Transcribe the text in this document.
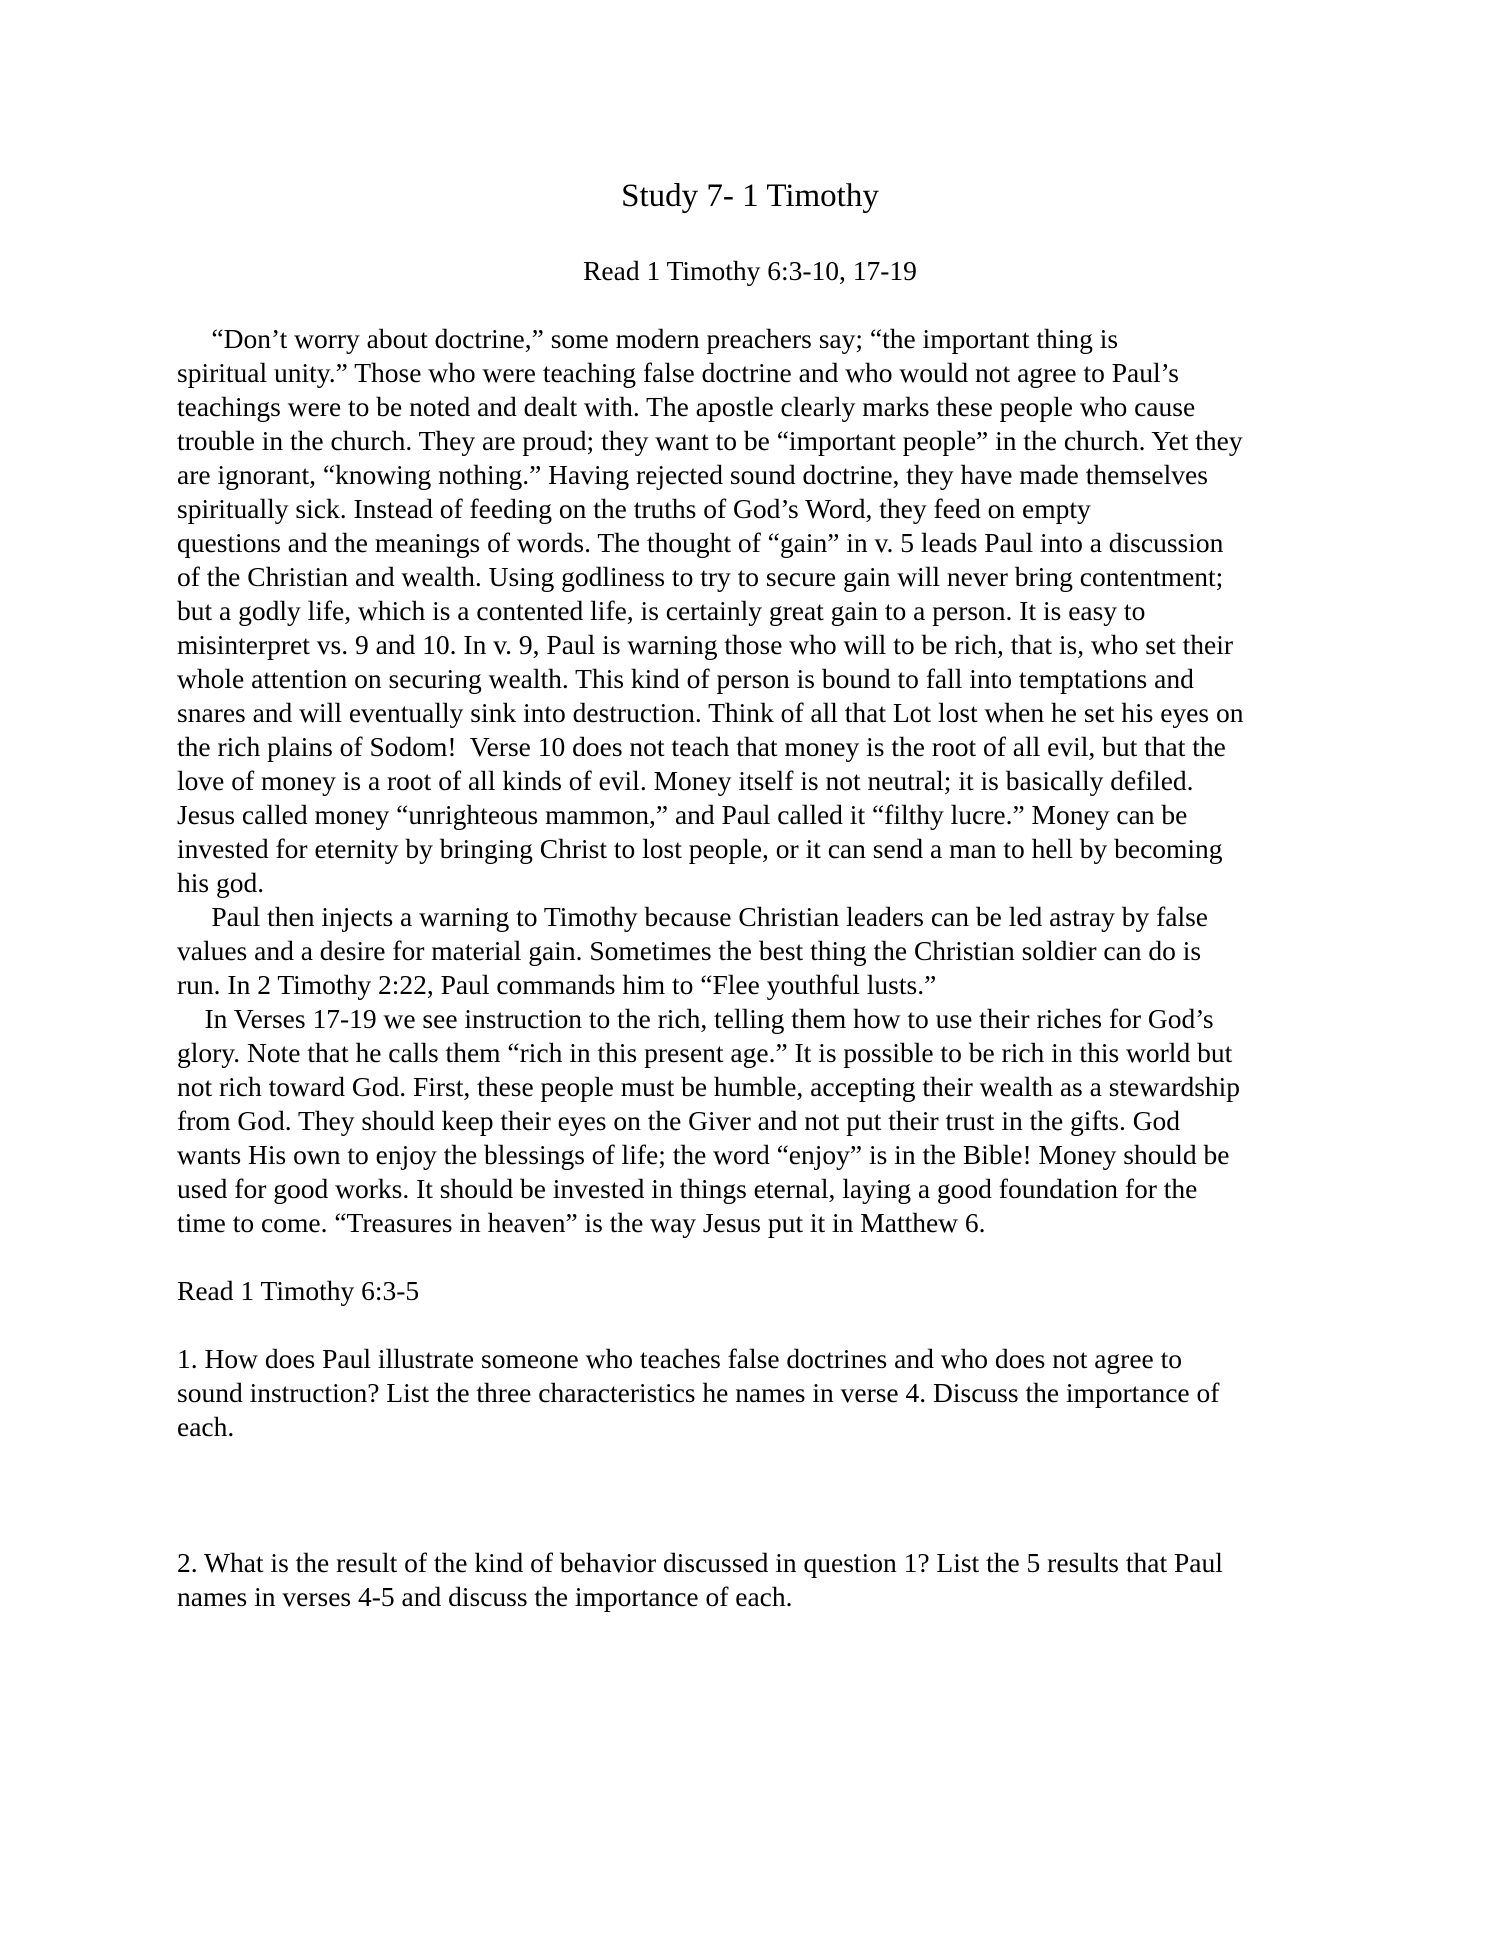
Study 7- 1 Timothy
Read 1 Timothy 6:3-10, 17-19
“Don’t worry about doctrine,” some modern preachers say; “the important thing is
spiritual unity.” Those who were teaching false doctrine and who would not agree to Paul’s
teachings were to be noted and dealt with. The apostle clearly marks these people who cause
trouble in the church. They are proud; they want to be “important people” in the church. Yet they
are ignorant, “knowing nothing.” Having rejected sound doctrine, they have made themselves
spiritually sick. Instead of feeding on the truths of God’s Word, they feed on empty
questions and the meanings of words. The thought of “gain” in v. 5 leads Paul into a discussion
of the Christian and wealth. Using godliness to try to secure gain will never bring contentment;
but a godly life, which is a contented life, is certainly great gain to a person. It is easy to
misinterpret vs. 9 and 10. In v. 9, Paul is warning those who will to be rich, that is, who set their
whole attention on securing wealth. This kind of person is bound to fall into temptations and
snares and will eventually sink into destruction. Think of all that Lot lost when he set his eyes on
the rich plains of Sodom!  Verse 10 does not teach that money is the root of all evil, but that the
love of money is a root of all kinds of evil. Money itself is not neutral; it is basically defiled.
Jesus called money “unrighteous mammon,” and Paul called it “filthy lucre.” Money can be
invested for eternity by bringing Christ to lost people, or it can send a man to hell by becoming
his god.
Paul then injects a warning to Timothy because Christian leaders can be led astray by false
values and a desire for material gain. Sometimes the best thing the Christian soldier can do is
run. In 2 Timothy 2:22, Paul commands him to “Flee youthful lusts.”
In Verses 17-19 we see instruction to the rich, telling them how to use their riches for God’s
glory. Note that he calls them “rich in this present age.” It is possible to be rich in this world but
not rich toward God. First, these people must be humble, accepting their wealth as a stewardship
from God. They should keep their eyes on the Giver and not put their trust in the gifts. God
wants His own to enjoy the blessings of life; the word “enjoy” is in the Bible! Money should be
used for good works. It should be invested in things eternal, laying a good foundation for the
time to come. “Treasures in heaven” is the way Jesus put it in Matthew 6.
Read 1 Timothy 6:3-5
1. How does Paul illustrate someone who teaches false doctrines and who does not agree to
sound instruction? List the three characteristics he names in verse 4. Discuss the importance of
each.
2. What is the result of the kind of behavior discussed in question 1? List the 5 results that Paul
names in verses 4-5 and discuss the importance of each.
